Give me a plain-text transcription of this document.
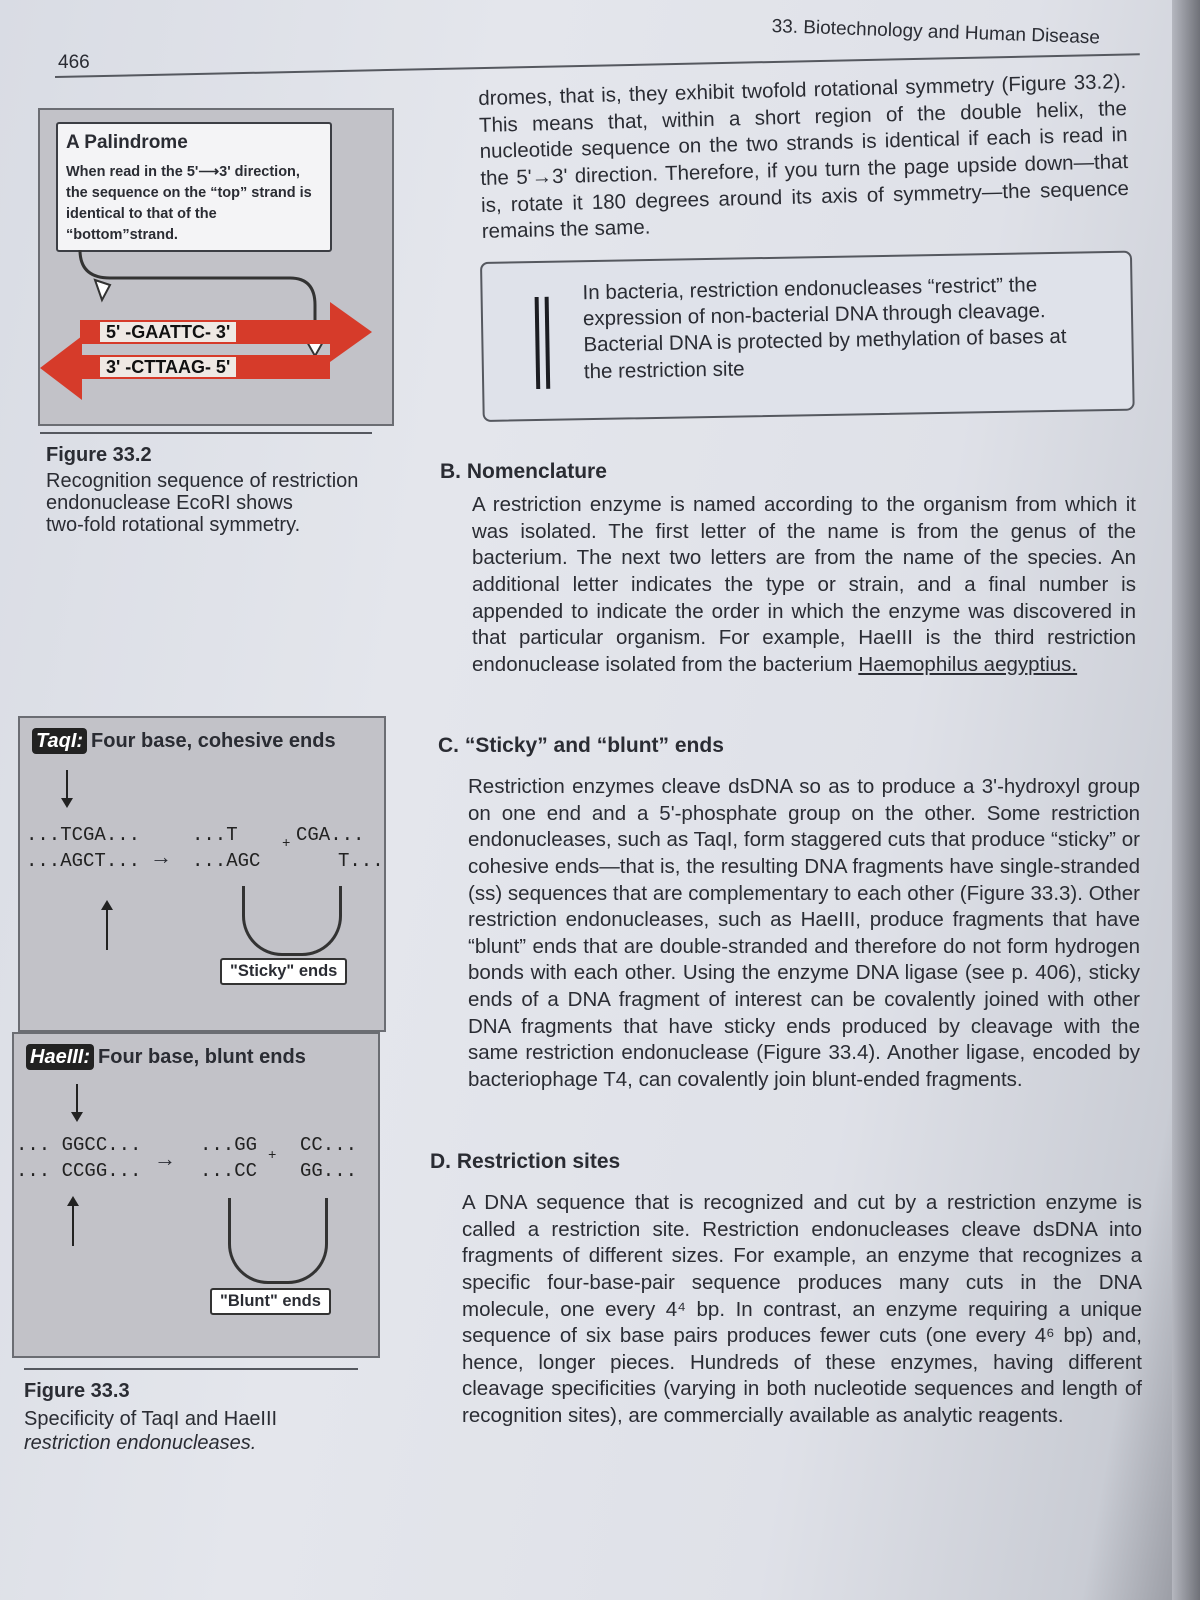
466
33. Biotechnology and Human Disease
A Palindrome
When read in the 5'⟶3' direction, the sequence on the “top” strand is identical to that of the “bottom”strand.
5' -GAATTC- 3'
3' -CTTAAG- 5'
Figure 33.2
Recognition sequence of restriction
endonuclease EcoRI shows
two-fold rotational symmetry.
TaqI: Four base, cohesive ends
...TCGA...
...AGCT... →
...T
...AGC
+ CGA...
T...
"Sticky" ends
HaeIII: Four base, blunt ends
... GGCC...
... CCGG... →
...GG
...CC
+ CC...
GG...
"Blunt" ends
Figure 33.3
Specificity of TaqI and HaeIII
restriction endonucleases.
dromes, that is, they exhibit twofold rotational symmetry (Figure 33.2). This means that, within a short region of the double helix, the nucleotide sequence on the two strands is identical if each is read in the 5'→3' direction. Therefore, if you turn the page upside down—that is, rotate it 180 degrees around its axis of symmetry—the sequence remains the same.
In bacteria, restriction endonucleases “restrict” the expression of non-bacterial DNA through cleavage. Bacterial DNA is protected by methylation of bases at the restriction site
B. Nomenclature
A restriction enzyme is named according to the organism from which it was isolated. The first letter of the name is from the genus of the bacterium. The next two letters are from the name of the species. An additional letter indicates the type or strain, and a final number is appended to indicate the order in which the enzyme was discovered in that particular organism. For example, HaeIII is the third restriction endonuclease isolated from the bacterium Haemophilus aegyptius.
C. “Sticky” and “blunt” ends
Restriction enzymes cleave dsDNA so as to produce a 3'-hydroxyl group on one end and a 5'-phosphate group on the other. Some restriction endonucleases, such as TaqI, form staggered cuts that produce “sticky” or cohesive ends—that is, the resulting DNA fragments have single-stranded (ss) sequences that are complementary to each other (Figure 33.3). Other restriction endonucleases, such as HaeIII, produce fragments that have “blunt” ends that are double-stranded and therefore do not form hydrogen bonds with each other. Using the enzyme DNA ligase (see p. 406), sticky ends of a DNA fragment of interest can be covalently joined with other DNA fragments that have sticky ends produced by cleavage with the same restriction endonuclease (Figure 33.4). Another ligase, encoded by bacteriophage T4, can covalently join blunt-ended fragments.
D. Restriction sites
A DNA sequence that is recognized and cut by a restriction enzyme is called a restriction site. Restriction endonucleases cleave dsDNA into fragments of different sizes. For example, an enzyme that recognizes a specific four-base-pair sequence produces many cuts in the DNA molecule, one every 4⁴ bp. In contrast, an enzyme requiring a unique sequence of six base pairs produces fewer cuts (one every 4⁶ bp) and, hence, longer pieces. Hundreds of these enzymes, having different cleavage specificities (varying in both nucleotide sequences and length of recognition sites), are commercially available as analytic reagents.
